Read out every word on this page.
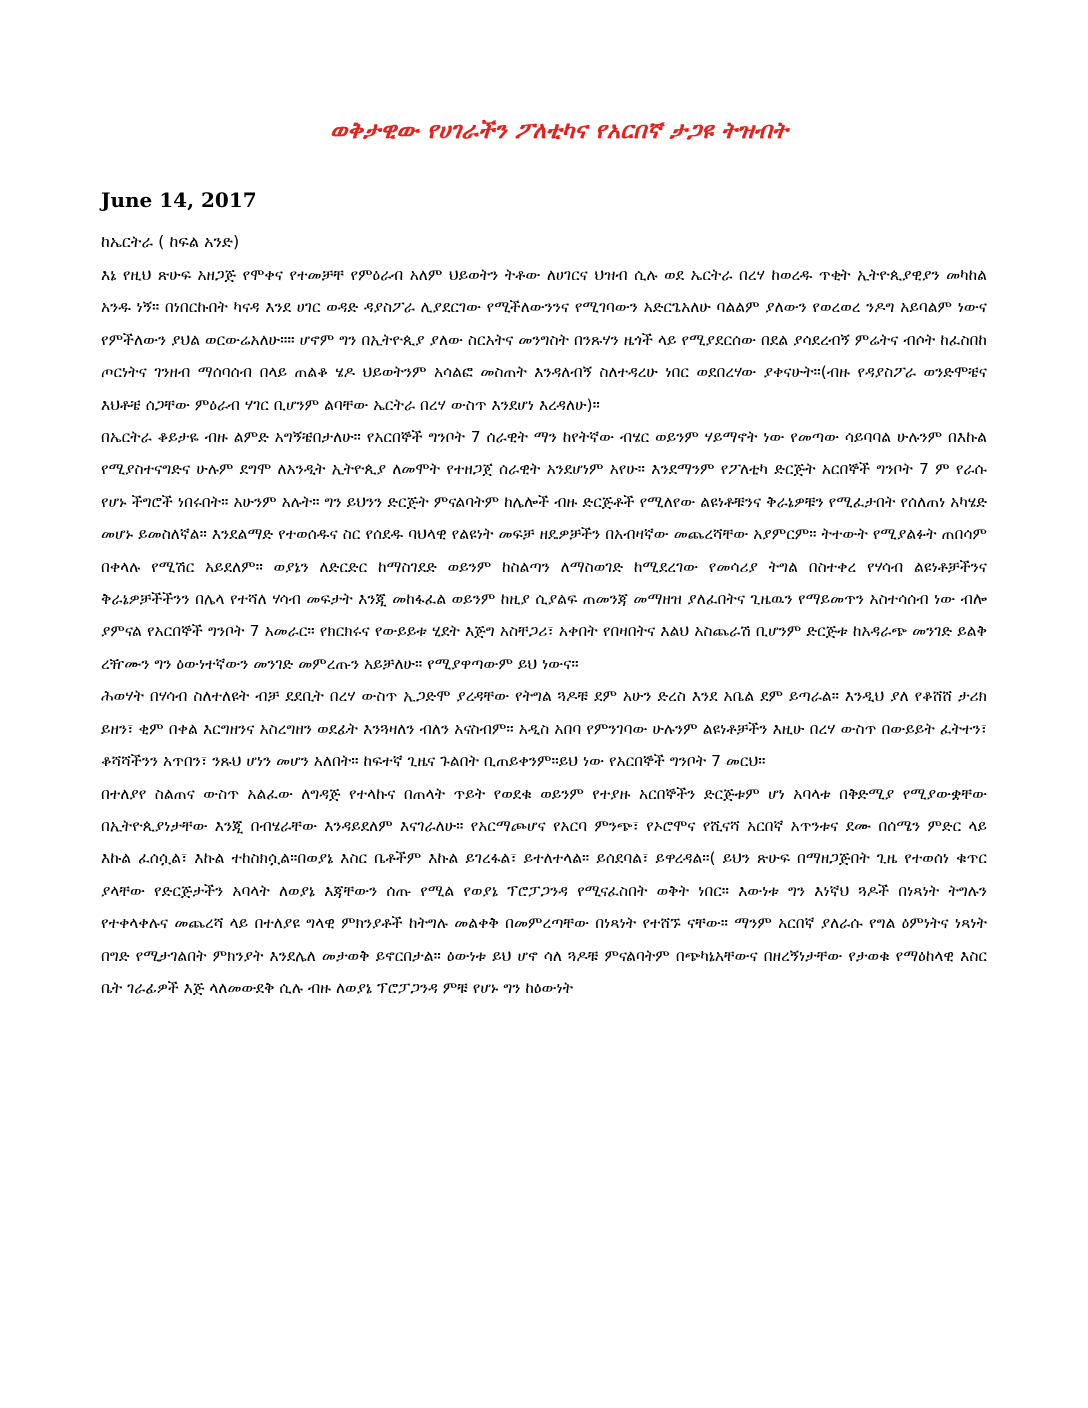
ወቅታዊው የሀገራችን ፖለቲካና የአርበኛ ታጋዩ ትዝብት
June 14, 2017
ከኤርትራ ( ከፍል አንድ)

እኔ የዚህ ጽሁፍ አዘጋጅ የሞቀና የተመቻቸ የምዕራብ አለም ህይወትን ትቶው ለሀገርና ህዝብ ሲሉ ወደ ኤርትራ በረሃ ከወረዱ ጥቂት ኢትዮጲያዊያን መካከል አንዱ ነኝ። በነበርኩበት ካናዳ እንደ ሀገር ወዳድ ዳያስፖራ ሊያደርገው የሚችለውንንና የሚገባውን አድርጌአለሁ ባልልም ያለውን የወረወረ ንዶግ አይባልም ነውና የምችለውን ያህል ወርውሬአለሁ።። ሆኖም ግን በኢትዮጲያ ያለው ስርአትና መንግስት በንጹሃን ዜጎች ላይ የሚያደርሰው በደል ያሳደረብኝ ምሬትና ብሶት ከፈስበከ ጦርነትና ገንዘብ ማሰባሰብ በላይ ጠልቆ ሄዶ ህይወትንም አሳልፎ መስጠት እንዳለብኝ ስለተዳረሁ ነበር ወደበረሃው ያቀናሁት።(ብዙ የዳያስፖራ ወንድሞቼና እህቶቼ ሰጋቸው ምዕራብ ሃገር ቢሆንም ልባቸው ኤርትራ በረሃ ውስጥ እንደሆነ እረዳለሁ)።

በኤርትራ ቆይታዬ ብዙ ልምድ አግኝቼበታለሁ። የአርበኞች ግንቦት 7 ሰራዊት ማን ከየትኛው ብሄር ወይንም ሃይማኖት ነው የመጣው ሳይባባል ሁሉንም በእኩል የሚያስተናግድና ሁሉም ደግሞ ለአንዲት ኢትዮጲያ ለመሞት የተዘጋጀ ሰራዊት አንደሆነም አየሁ። እንደማንም የፖለቲካ ድርጅት አርበኞች ግንቦት 7 ም የራሱ የሆኑ ችግሮች ነበሩበት። አሁንም አሉት። ግን ይህንን ድርጅት ምናልባትም ከሌሎች ብዙ ድርጅቶች የሚለየው ልዩነቶቹንና ቅራኔዎቹን የሚፈታበት የሰለጠነ አካሄድ መሆኑ ይመስለኛል። እንደልማድ የተወሰዱና ስር የሰደዱ ባህላዊ የልዩነት መፍቻ ዘዴዎቻችን በአብዛኛው መጨረሻቸው አያምርም። ትተውት የሚያልፉት ጠበሳም በቀላሉ የሚሽር አይደለም። ወያኔን ለድርድር ከማስገደድ ወይንም ከስልጣን ለማስወገድ ከሚደረገው የመሳሪያ ትግል በስተቀረ የሃሳብ ልዩነቶቻችንና ቅራኔዎቻችችንን በሌላ የተሻለ ሃሳብ መፍታት እንጂ መከፋፈል ወይንም ከዚያ ሲያልፍ ጠመንጃ መማዘዝ ያለፈበትና ጊዜዉን የማይመጥን አስተሳሰብ ነው ብሎ ያምናል የአርበኞች ግንቦት 7 አመራር። የክርክሩና የውይይቱ ሂደት እጅግ አስቸጋሪ፣ አቀበት የበዛበትና እልህ አስጨራሽ ቢሆንም ድርጅቱ ከአዳራጭ መንገድ ይልቅ ረዥሙን ግን ዕውነተኛውን መንገድ መምረጡን አይቻለሁ። የሚያዋጣውም ይህ ነውና።

ሕወሃት በሃሳብ ስለተለዩት ብቻ ደደቢት በረሃ ውስጥ ኢጋድሞ ያረዳቸው የትግል ጓዶቹ ደም አሁን ድረስ እንደ አቤል ደም ይጣራል። እንዲህ ያለ የቆሸሸ ታሪክ ይዘን፣ ቂም በቀል እርግዘንና አስረግዘን ወደፊት እንጓዛለን ብለን አናስብም። አዲስ አበባ የምንገባው ሁሉንም ልዩነቶቻችን እዚሁ በረሃ ውስጥ በውይይት ፈትተን፣ ቆሻሻችንን አጥበን፣ ንጹህ ሆነን መሆን አለበት። ከፍተኛ ጊዜና ጉልበት ቢጠይቀንም።ይህ ነው የአርበኞች ግንቦት 7 መርህ።

በተለያየ ስልጠና ውስጥ አልፈው ለግዳጅ የተላኩና በጠላት ጥይት የወደቁ ወይንም የተያዙ አርበኞችን ድርጅቱም ሆነ አባላቱ በቅድሚያ የሚያውቋቸው በኢትዮጲያነታቸው እንጂ በብሄራቸው እንዳይደለም እናገራለሁ። የአርማጮሆና የአርባ ምንጭ፣ የኦሮሞና የሺናሻ አርበኛ አጥንቱና ደሙ በሰሜን ምድር ላይ እኩል ፈሰሷል፣ እኩል ተከስክሷል።በወያኔ እስር ቤቶችም እኩል ይገረፋል፣ ይተለተላል። ይሰደባል፣ ይዋረዳል።( ይህን ጽሁፍ በማዘጋጅበት ጊዜ የተወሰነ ቁጥር ያላቸው የድርጅታችን አባላት ለወያኔ እጃቸውን ሰጡ የሚል የወያኔ ፕሮፓጋንዳ የሚናፈስበት ወቅት ነበር። እውነቱ ግን እነኛህ ጓዶች በነጻነት ትግሉን የተቀላቀሉና መጨረሻ ላይ በተለያዩ ግላዊ ምክንያቶች ከትግሉ መልቀቅ በመምረጣቸው በነጻነት የተሸኙ ናቸው። ማንም አርበኛ ያለራሱ የግል ዕምነትና ነጻነት በግድ የሚታገልበት ምክንያት እንደሌለ መታወቅ ይኖርበታል። ዕውነቱ ይህ ሆኖ ሳለ ጓዶቹ ምናልባትም በጭካኔአቸውና በዘረኝነታቸው የታወቁ የማዕከላዊ እስር ቤት ገራፊዎች እጅ ላለመውደቅ ሲሉ ብዙ ለወያኔ ፕሮፓጋንዳ ምቹ የሆኑ ግን ከዕውነት
